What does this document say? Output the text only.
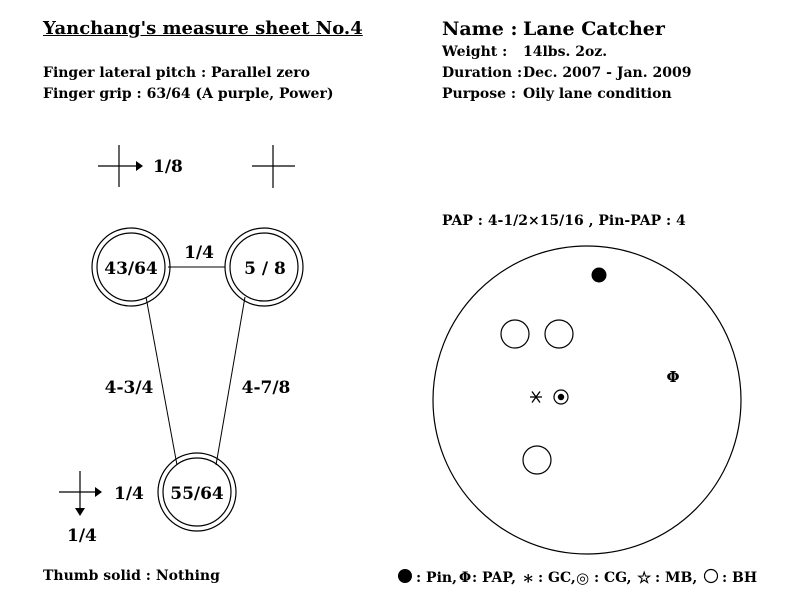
Yanchang's measure sheet No.4
Finger lateral pitch : Parallel zero
Finger grip : 63/64 (A purple, Power)
Thumb solid : Nothing
Name : Lane Catcher
Weight : 14lbs. 2oz.
Duration : Dec. 2007 - Jan. 2009
Purpose : Oily lane condition
1/8
43/64	5 / 8
1/4
4-3/4	4-7/8
55/64
1/4
1/4
PAP : 4-1/2×15/16 , Pin-PAP : 4
Φ
: Pin, Φ : PAP, ∗ : GC, ◎ : CG, ☆ : MB, : BH
